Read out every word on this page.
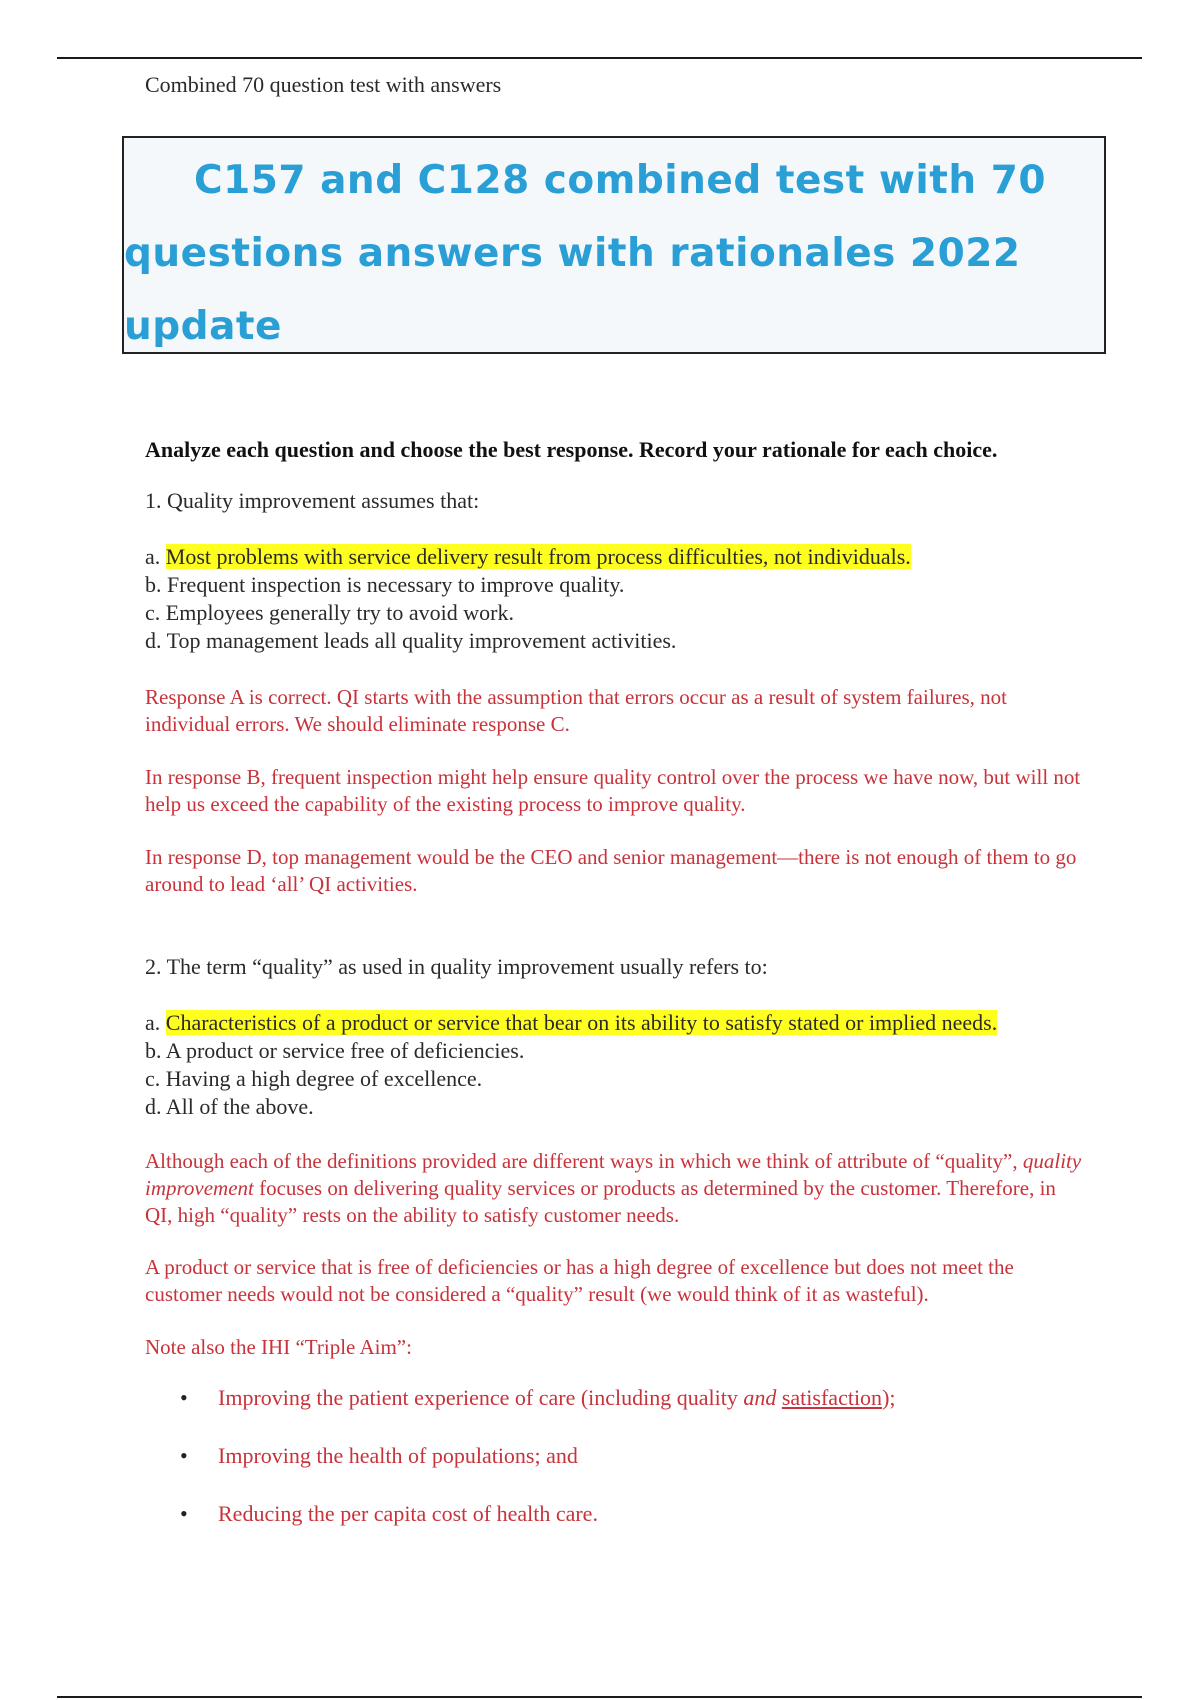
Combined 70 question test with answers
C157 and C128 combined test with 70
questions answers with rationales 2022
update
Analyze each question and choose the best response. Record your rationale for each choice.
1. Quality improvement assumes that:
a. Most problems with service delivery result from process difficulties, not individuals.
b. Frequent inspection is necessary to improve quality.
c. Employees generally try to avoid work.
d. Top management leads all quality improvement activities.
Response A is correct. QI starts with the assumption that errors occur as a result of system failures, not individual errors. We should eliminate response C.
In response B, frequent inspection might help ensure quality control over the process we have now, but will not help us exceed the capability of the existing process to improve quality.
In response D, top management would be the CEO and senior management—there is not enough of them to go around to lead ‘all’ QI activities.
2. The term “quality” as used in quality improvement usually refers to:
a. Characteristics of a product or service that bear on its ability to satisfy stated or implied needs.
b. A product or service free of deficiencies.
c. Having a high degree of excellence.
d. All of the above.
Although each of the definitions provided are different ways in which we think of attribute of “quality”, quality improvement focuses on delivering quality services or products as determined by the customer. Therefore, in QI, high “quality” rests on the ability to satisfy customer needs.
A product or service that is free of deficiencies or has a high degree of excellence but does not meet the customer needs would not be considered a “quality” result (we would think of it as wasteful).
Note also the IHI “Triple Aim”:
• Improving the patient experience of care (including quality and satisfaction);
• Improving the health of populations; and
• Reducing the per capita cost of health care.
